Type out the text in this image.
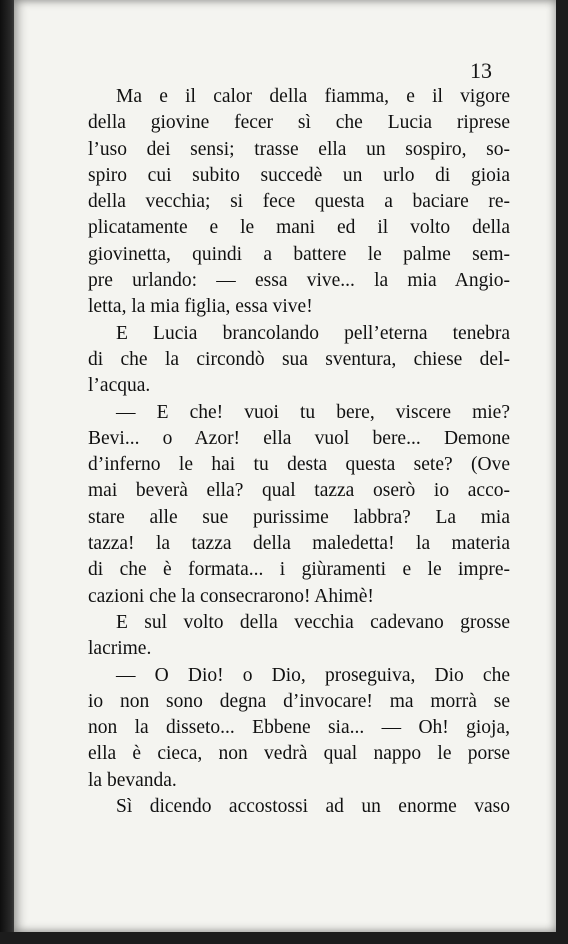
13
Ma e il calor della fiamma, e il vigore
della giovine fecer sì che Lucia riprese
l’uso dei sensi; trasse ella un sospiro, so-
spiro cui subito succedè un urlo di gioia
della vecchia; si fece questa a baciare re-
plicatamente e le mani ed il volto della
giovinetta, quindi a battere le palme sem-
pre urlando: — essa vive... la mia Angio-
letta, la mia figlia, essa vive!
E Lucia brancolando pell’eterna tenebra
di che la circondò sua sventura, chiese del-
l’acqua.
— E che! vuoi tu bere, viscere mie?
Bevi... o Azor! ella vuol bere... Demone
d’inferno le hai tu desta questa sete? (Ove
mai beverà ella? qual tazza oserò io acco-
stare alle sue purissime labbra? La mia
tazza! la tazza della maledetta! la materia
di che è formata... i giùramenti e le impre-
cazioni che la consecrarono! Ahimè!
E sul volto della vecchia cadevano grosse
lacrime.
— O Dio! o Dio, proseguiva, Dio che
io non sono degna d’invocare! ma morrà se
non la disseto... Ebbene sia... — Oh! gioja,
ella è cieca, non vedrà qual nappo le porse
la bevanda.
Sì dicendo accostossi ad un enorme vaso
